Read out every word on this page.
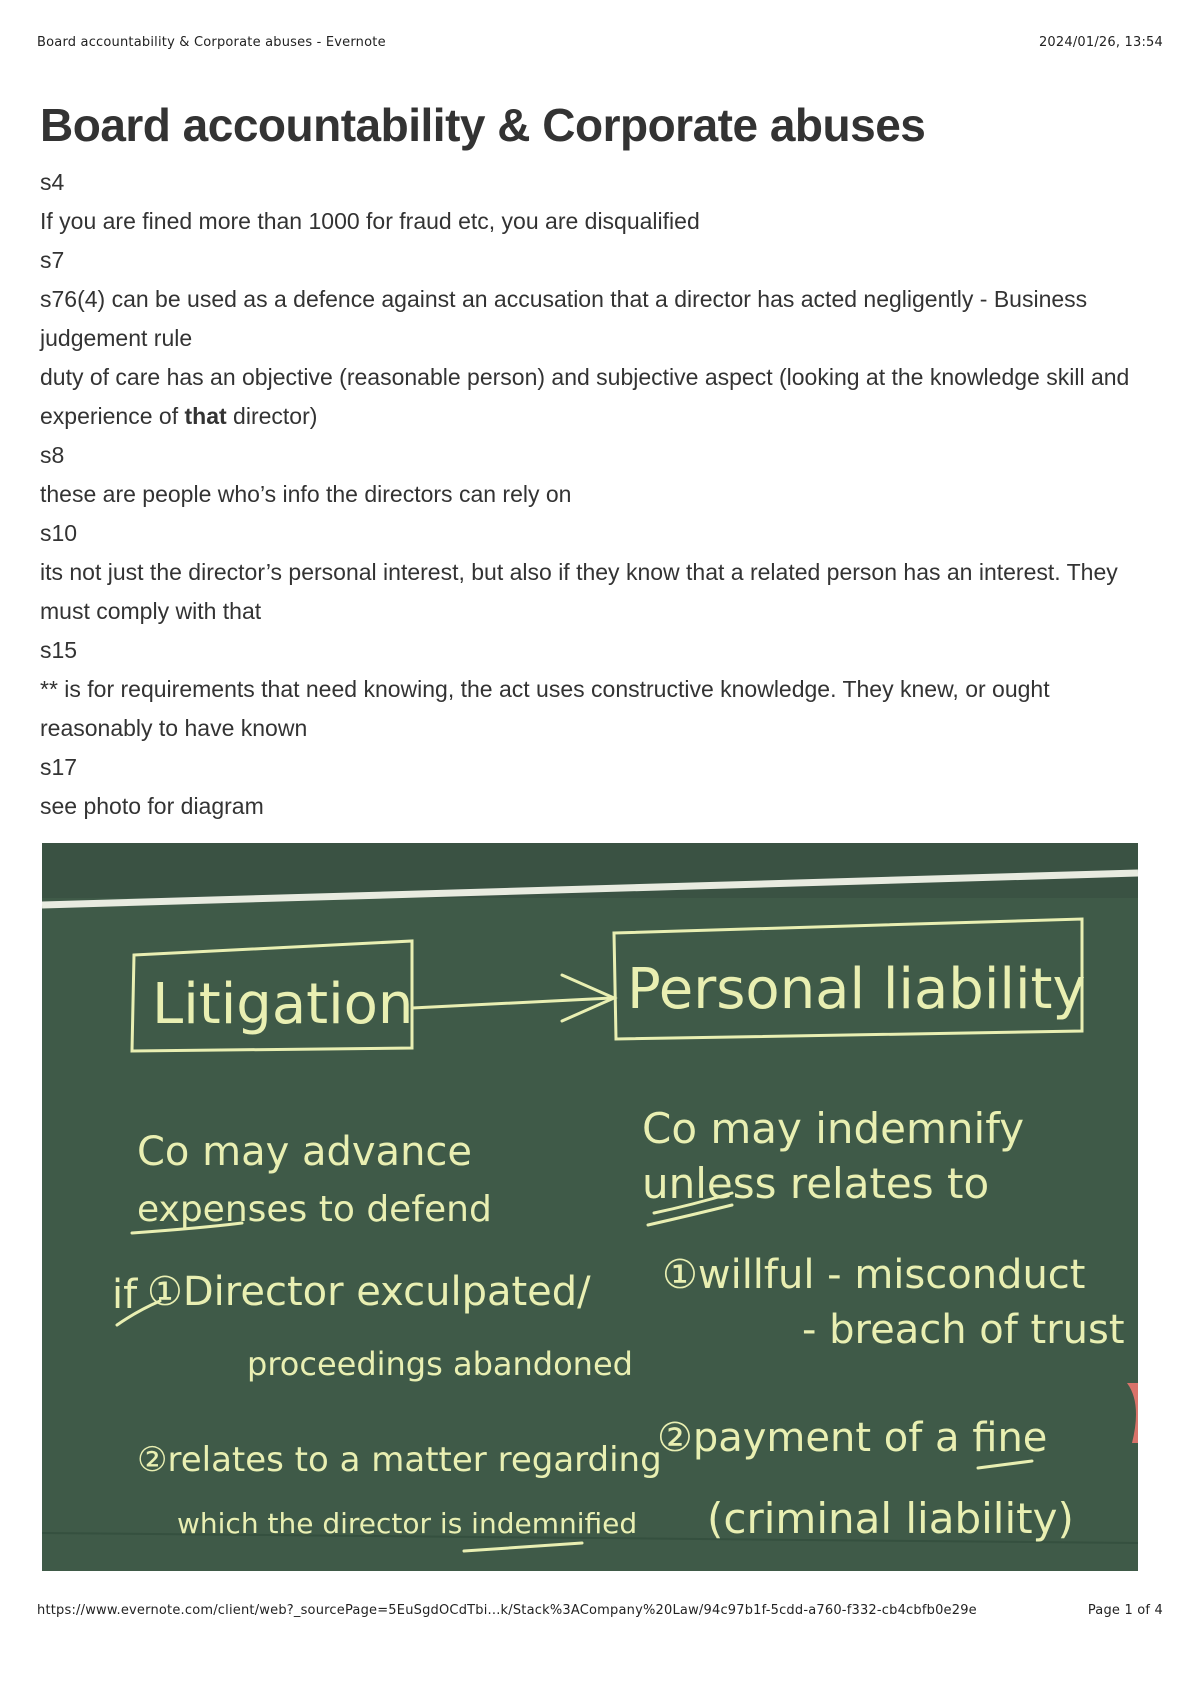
Board accountability & Corporate abuses - Evernote	2024/01/26, 13:54
Board accountability & Corporate abuses

s4

If you are fined more than 1000 for fraud etc, you are disqualified

s7

s76(4) can be used as a defence against an accusation that a director has acted negligently - Business judgement rule

duty of care has an objective (reasonable person) and subjective aspect (looking at the knowledge skill and experience of that director)

s8

these are people who’s info the directors can rely on

s10

its not just the director’s personal interest, but also if they know that a related person has an interest. They must comply with that

s15

** is for requirements that need knowing, the act uses constructive knowledge. They knew, or ought reasonably to have known

s17

see photo for diagram

Litigation	Personal liability
Co may advance
expenses to defend
if ①Director exculpated/
proceedings abandoned
②relates to a matter regarding
which the director is indemnified
Co may indemnify
unless relates to
①willful - misconduct
- breach of trust
②payment of a fine
(criminal liability)
https://www.evernote.com/client/web?_sourcePage=5EuSgdOCdTbi...k/Stack%3ACompany%20Law/94c97b1f-5cdd-a760-f332-cb4cbfb0e29e	Page 1 of 4
